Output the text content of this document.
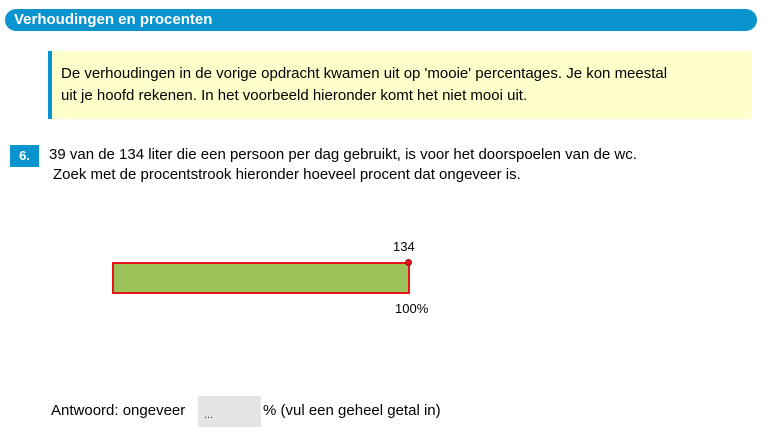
Verhoudingen en procenten
De verhoudingen in de vorige opdracht kwamen uit op 'mooie' percentages. Je kon meestal
uit je hoofd rekenen. In het voorbeeld hieronder komt het niet mooi uit.
6.	39 van de 134 liter die een persoon per dag gebruikt, is voor het doorspoelen van de wc.
Zoek met de procentstrook hieronder hoeveel procent dat ongeveer is.
134
100%
Antwoord: ongeveer
...	% (vul een geheel getal in)
